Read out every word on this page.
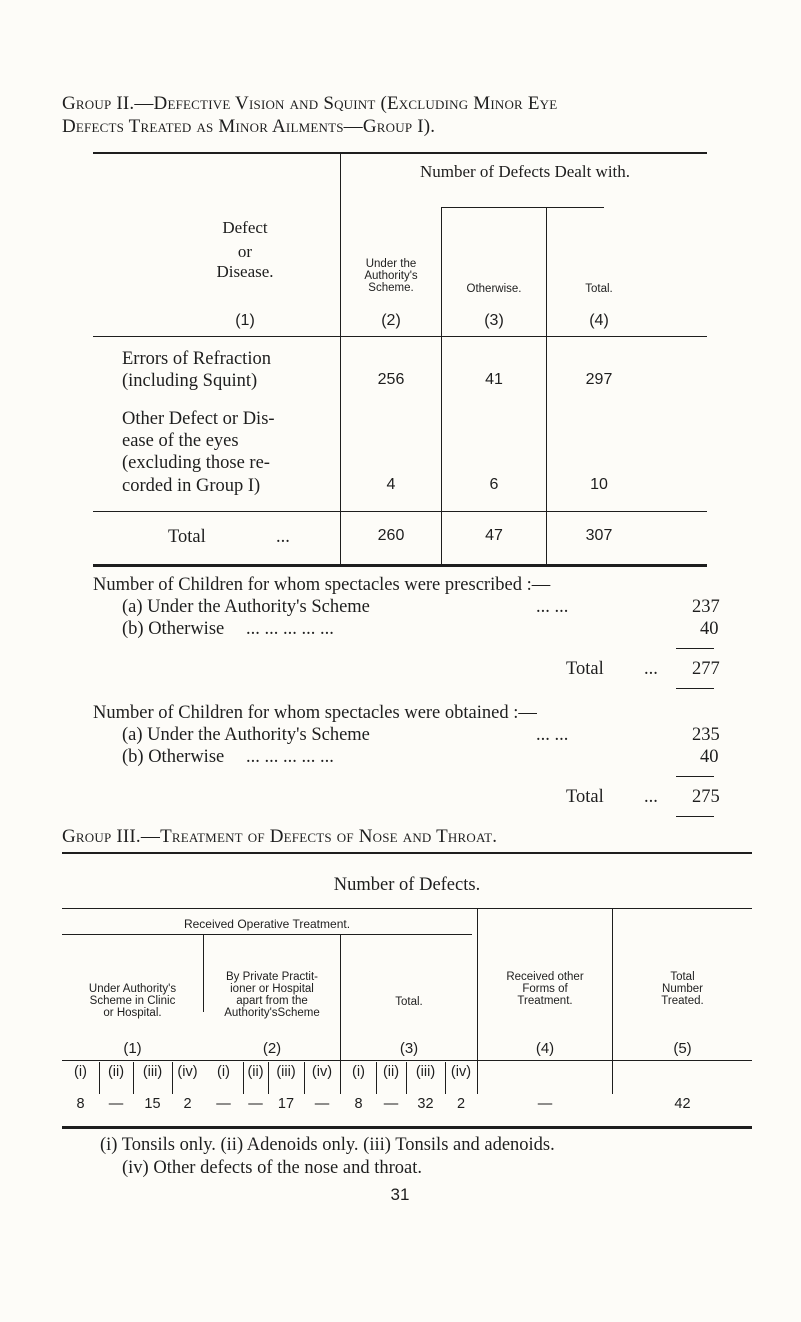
Group II.—Defective Vision and Squint (Excluding Minor Eye
Defects Treated as Minor Ailments—Group I).
Defect
or
Disease.
(1)
Number of Defects Dealt with.
Under the
Authority's
Scheme.
(2)
Otherwise.
(3)
Total.
(4)
Errors of Refraction
(including Squint)	256	41	297
Other Defect or Dis-
ease of the eyes
(excluding those re-
corded in Group I)	4	6	10
Total	...	260	47	307
Number of Children for whom spectacles were prescribed :—
(a) Under the Authority's Scheme	... ...	237
(b) Otherwise ... ... ... ... ...	40
Total ... 277
Number of Children for whom spectacles were obtained :—
(a) Under the Authority's Scheme	... ...	235
(b) Otherwise ... ... ... ... ...	40
Total ... 275
Group III.—Treatment of Defects of Nose and Throat.
Number of Defects.
Received Operative Treatment.
Under Authority's
Scheme in Clinic
or Hospital.
(1)
By Private Practit-
ioner or Hospital
apart from the
Authority'sScheme
(2)
Total.
(3)
Received other
Forms of
Treatment.
(4)
Total
Number
Treated.
(5)
(i)	(ii)	(iii)	(iv)	(i)	(ii) (iii)	(iv)	(i)	(ii)	(iii)	(iv)
8	—	15	2	—	—	17	—	8	—	32	2	—	42
(i) Tonsils only. (ii) Adenoids only. (iii) Tonsils and adenoids.
(iv) Other defects of the nose and throat.
31
